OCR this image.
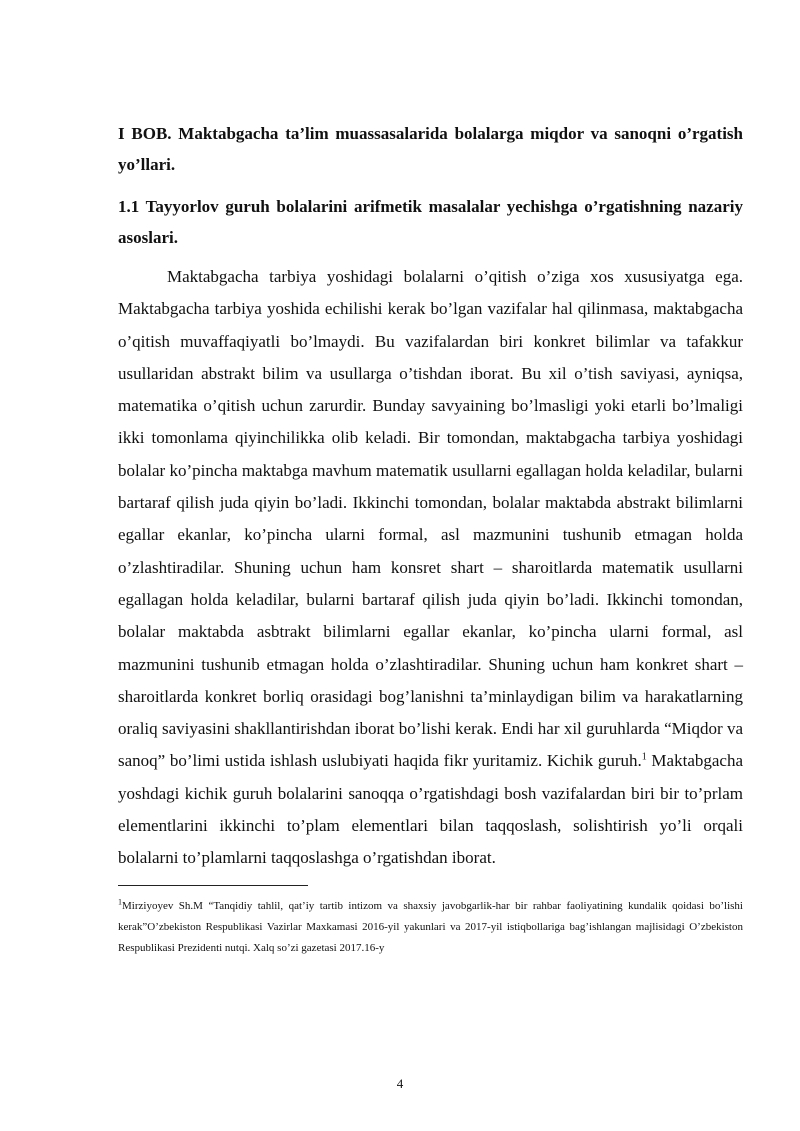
I BOB. Maktabgacha ta’lim muassasalarida bolalarga miqdor va sanoqni o’rgatish yo’llari.

1.1 Tayyorlov guruh bolalarini arifmetik masalalar yechishga o’rgatishning nazariy asoslari.

Maktabgacha tarbiya yoshidagi bolalarni o’qitish o’ziga xos xususiyatga ega. Maktabgacha tarbiya yoshida echilishi kerak bo’lgan vazifalar hal qilinmasa, maktabgacha o’qitish muvaffaqiyatli bo’lmaydi. Bu vazifalardan biri konkret bilimlar va tafakkur usullaridan abstrakt bilim va usullarga o’tishdan iborat. Bu xil o’tish saviyasi, ayniqsa, matematika o’qitish uchun zarurdir. Bunday savyaining bo’lmasligi yoki etarli bo’lmaligi ikki tomonlama qiyinchilikka olib keladi. Bir tomondan, maktabgacha tarbiya yoshidagi bolalar ko’pincha maktabga mavhum matematik usullarni egallagan holda keladilar, bularni bartaraf qilish juda qiyin bo’ladi. Ikkinchi tomondan, bolalar maktabda abstrakt bilimlarni egallar ekanlar, ko’pincha ularni formal, asl mazmunini tushunib etmagan holda o’zlashtiradilar. Shuning uchun ham konsret shart – sharoitlarda matematik usullarni egallagan holda keladilar, bularni bartaraf qilish juda qiyin bo’ladi. Ikkinchi tomondan, bolalar maktabda asbtrakt bilimlarni egallar ekanlar, ko’pincha ularni formal, asl mazmunini tushunib etmagan holda o’zlashtiradilar. Shuning uchun ham konkret shart – sharoitlarda konkret borliq orasidagi bog’lanishni ta’minlaydigan bilim va harakatlarning oraliq saviyasini shakllantirishdan iborat bo’lishi kerak. Endi har xil guruhlarda “Miqdor va sanoq” bo’limi ustida ishlash uslubiyati haqida fikr yuritamiz. Kichik guruh.$^1$ Maktabgacha yoshdagi kichik guruh bolalarini sanoqqa o’rgatishdagi bosh vazifalardan biri bir to’prlam elementlarini ikkinchi to’plam elementlari bilan taqqoslash, solishtirish yo’li orqali bolalarni to’plamlarni taqqoslashga o’rgatishdan iborat.

$^1$Mirziyoyev Sh.M “Tanqidiy tahlil, qat’iy tartib intizom va shaxsiy javobgarlik-har bir rahbar faoliyatining kundalik qoidasi bo’lishi kerak”O’zbekiston Respublikasi Vazirlar Maxkamasi 2016-yil yakunlari va 2017-yil istiqbollariga bag’ishlangan majlisidagi O’zbekiston Respublikasi Prezidenti nutqi. Xalq so’zi gazetasi 2017.16-y

4
